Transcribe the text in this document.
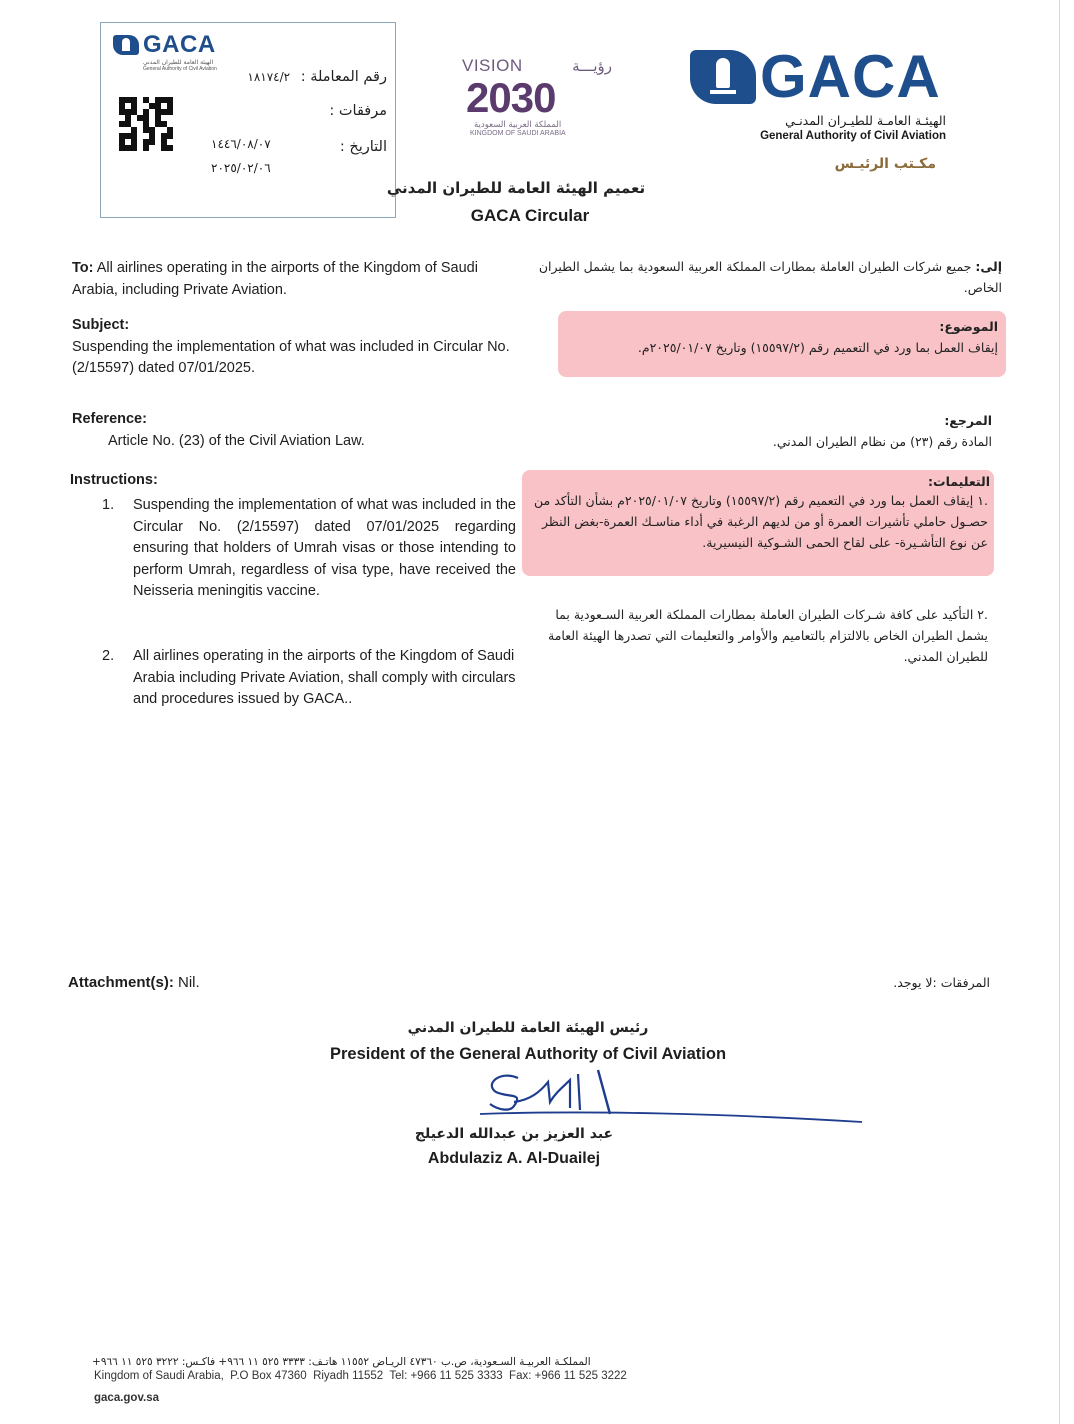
GACA
الهيئة العامة للطيران المدني
General Authority of Civil Aviation	رقم المعاملة : ١٨١٧٤/٢
مرفقات :
التاريخ :
١٤٤٦/٠٨/٠٧
٢٠٢٥/٠٢/٠٦
VISION	رؤيـــة
2030
المملكة العربية السعودية
KINGDOM OF SAUDI ARABIA
GACA
الهيئـة العامـة للطيـران المدنـي
General Authority of Civil Aviation
مكـتب الرئيـس
تعميم الهيئة العامة للطيران المدني
GACA Circular
To: All airlines operating in the airports of the Kingdom of Saudi Arabia, including Private Aviation.
إلى: جميع شركات الطيران العاملة بمطارات المملكة العربية السعودية بما يشمل الطيران الخاص.
Subject:
Suspending the implementation of what was included in Circular No. (2/15597) dated 07/01/2025.
الموضوع:
إيقاف العمل بما ورد في التعميم رقم (١٥٥٩٧/٢) وتاريخ ٢٠٢٥/٠١/٠٧م.
Reference:
Article No. (23) of the Civil Aviation Law.
المرجع:
المادة رقم (٢٣) من نظام الطيران المدني.
Instructions:
1.	Suspending the implementation of what was included in the Circular No. (2/15597) dated 07/01/2025 regarding ensuring that holders of Umrah visas or those intending to perform Umrah, regardless of visa type, have received the Neisseria meningitis vaccine.
2.	All airlines operating in the airports of the Kingdom of Saudi Arabia including Private Aviation, shall comply with circulars and procedures issued by GACA..
التعليمات:
.١إيقاف العمل بما ورد في التعميم رقم (١٥٥٩٧/٢) وتاريخ ٢٠٢٥/٠١/٠٧م بشأن التأكد من حصـول حاملي تأشيرات العمرة أو من لديهم الرغبة في أداء مناسـك العمرة-بغض النظر عن نوع التأشـيرة- على لقاح الحمى الشـوكية النيسيرية.
.٢التأكيد على كافة شـركات الطيران العاملة بمطارات المملكة العربية السـعودية بما يشمل الطيران الخاص بالالتزام بالتعاميم والأوامر والتعليمات التي تصدرها الهيئة العامة للطيران المدني.
Attachment(s): Nil.	المرفقات :لا يوجد.
رئيس الهيئة العامة للطيران المدني
President of the General Authority of Civil Aviation
عبد العزيز بن عبدالله الدعيلج
Abdulaziz A. Al-Duailej
المملكـة العربيـة السـعودية، ص.ب ٤٧٣٦٠ الريـاض ١١٥٥٢ هاتـف: ٣٣٣٣ ٥٢٥ ١١ ٩٦٦+ فاكـس: ٣٢٢٢ ٥٢٥ ١١ ٩٦٦+
Kingdom of Saudi Arabia,  P.O Box 47360  Riyadh 11552  Tel: +966 11 525 3333  Fax: +966 11 525 3222
gaca.gov.sa
